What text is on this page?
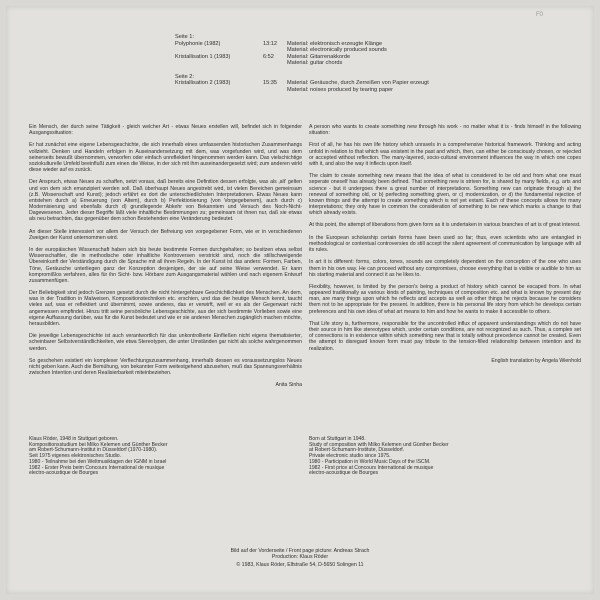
F0
Seite 1:
Polyphonie (1982)	13:12	Material: elektronisch erzeugte Klänge
Material: electronically produced sounds
Kristallisation 1 (1983)	6:52	Material: Gitarrenakkorde
Material: guitar chords
Seite 2:
Kristallisation 2 (1983)	15:35	Material: Geräusche, durch Zerreißen von Papier erzeugt
Material: noises produced by tearing paper

Ein Mensch, der durch seine Tätigkeit - gleich welcher Art - etwas Neues erstellen will, befindet sich in folgender Ausgangssituation:

Er hat zunächst eine eigene Lebensgeschichte, die sich innerhalb eines umfassenden historischen Zusammenhangs vollzieht. Denken und Handeln erfolgen in Auseinandersetzung mit dem, was vorgefunden wird, und was dem seinerseits bewußt übernommen, verworfen oder einfach unreflektiert hingenommen werden kann. Das vielschichtige soziokulturelle Umfeld beeinflußt zum einen die Weise, in der sich mit ihm auseinandergesetzt wird; zum anderen wirkt diese wieder auf es zurück.

Der Anspruch, etwas Neues zu schaffen, setzt voraus, daß bereits eine Definition dessen erfolgte, was als ‚alt' gelten und von dem sich emanzipiert werden soll. Daß überhaupt Neues angestrebt wird, ist vielen Bereichen gemeinsam (z.B. Wissenschaft und Kunst); jedoch erfährt es dort die unterschiedlichsten Interpretationen. Etwas Neues kann entstehen durch a) Erneuerung (von Altem), durch b) Perfektionierung (von Vorgegebenem), auch durch c) Modernisierung und ebenfalls durch d) grundlegende Abkehr von Bekanntem und Versuch des Noch-Nicht-Dagewesenen. Jeder dieser Begriffe läßt viele inhaltliche Bestimmungen zu; gemeinsam ist ihnen nur, daß sie etwas als neu betrachten, das gegenüber dem schon Bestehenden eine Veränderung bedeutet.

An dieser Stelle interessiert vor allem der Versuch der Befreiung von vorgegebener Form, wie er in verschiedenen Zweigen der Kunst unternommen wird.

In der europäischen Wissenschaft haben sich bis heute bestimmte Formen durchgehalten; so besitzen etwa selbst Wissenschaftler, die in methodische oder inhaltliche Kontroversen verstrickt sind, noch die stillschweigende Übereinkunft der Verständigung durch die Sprache mit all ihren Regeln. In der Kunst ist das anders: Formen, Farben, Töne, Geräusche unterliegen ganz der Konzeption desjenigen, der sie auf seine Weise verwendet. Er kann kompromißlos verfahren, alles für ihn Sicht- bzw. Hörbare zum Ausgangsmaterial wählen und nach eigenem Entwurf zusammenfügen.

Der Beliebigkeit sind jedoch Grenzen gesetzt durch die nicht hintergehbare Geschichtlichkeit des Menschen. An dem, was in der Tradition in Malweisen, Kompositionstechniken etc. erschien, und das der heutige Mensch kennt, taucht vieles auf, was er reflektiert und übernimmt, sowie anderes, das er verwirft, weil er es als der Gegenwart nicht angemessen empfindet. Hinzu tritt seine persönliche Lebensgeschichte, aus der sich bestimmte Vorlieben sowie eine eigene Auffassung darüber, was für die Kunst bedeutet und wie er sie anderen Menschen zugänglich machen möchte, herausbilden.

Die jeweilige Lebensgeschichte ist auch verantwortlich für das unkontrollierte Einfließen nicht eigens thematisierter, scheinbarer Selbstverständlichkeiten, wie etwa Stereotypen, die unter Umständen gar nicht als solche wahrgenommen werden.

So geschehen existiert ein komplexer Verflechtungszusammenhang, innerhalb dessen es voraussetzungslos Neues nicht geben kann. Auch die Bemühung, von bekannter Form weitestgehend abzusehen, muß das Spannungsverhältnis zwischen Intention und deren Realisierbarkeit miteinbeziehen.

Anita Sinha

A person who wants to create something new through his work - no matter what it is - finds himself in the following situation:

First of all, he has his own life history which unravels in a comprehensive historical framework. Thinking and acting unfold in relation to that which was existent in the past and which, then, can either be consciously chosen, or rejected or accepted without reflection. The many-layered, socio-cultural environment influences the way in which one copes with it, and also the way it inflects upon itself.

The claim to create something new means that the idea of what is considered to be old and from what one must seperate oneself has already been defined. That something new is striven for, is shared by many fields, e.g. arts and science - but it undergoes there a great number of interpretations. Something new can originate through a) the renewal of something old, or b) perfecting something given, or c) modernization, or d) the fundamental rejection of known things and the attempt to create something which is not yet extant. Each of these concepts allows for many interpretations; they only have in common the consideration of something to be new which marks a change to that which already exists.

At this point, the attempt of liberations from given form as it is undertaken in various branches of art is of great interest.

In the European scholarship certain forms have been used so far; thus, even scientists who are entangled in methodological or contentual controversies do still accept the silent agreement of communication by language with all its rules.

In art it is different: forms, colors, tones, sounds are completely dependent on the conception of the one who uses them in his own way. He can proceed without any compromises, choose everything that is visible or audible to him as his starting material and connect it as he likes to.

Flexibility, however, is limited by the person's being a product of history which cannot be escaped from. In what appeared traditionally as various kinds of painting, techniques of composition etc. and what is known by present day man, are many things upon which he reflects and accepts as well as other things he rejects because he considers them not to be appropriate for the present. In addition, there is his personal life story from which he develops certain preferences and his own idea of what art means to him and how he wants to make it accessible to others.

That Life story is, furthermore, responsible for the uncontrolled influx of apparent understandings which do not have their source in him like stereotypes which, under certain conditions, are not recognized as such. Thus, a complex set of connections is in existence within which something new that is totally without precedence cannot be created. Even the attempt to disregard known form must pay tribute to the tension-filled relationship between intention and its realization.

English translation by Angela Wienhold
Klaus Röder, 1948 in Stuttgart geboren.
Kompositionsstudium bei Milko Kelemen und Günther Becker
am Robert-Schumann-Institut in Düsseldorf (1970-1980).
Seit 1975 eigenes elektronisches Studio.
1980 - Teilnahme bei den Weltmusiktagen der IGNM in Israel
1982 - Erster Preis beim Concours International de musique
electro-acoustique de Bourges
Born at Stuttgart in 1948.
Study of composition with Milko Kelemen und Günther Becker
at Robert-Schumann-Institute, Düsseldorf.
Private electronic studio since 1975.
1980 - Participation in World Music Days of the ISCM.
1982 - First price at Concours International de musique
electro-acoustique de Bourges
Bild auf der Vorderseite / Front page picture: Andreas Strach
Production: Klaus Röder
© 1983, Klaus Röder, Elfstraße 54, D-5650 Solingen 11
